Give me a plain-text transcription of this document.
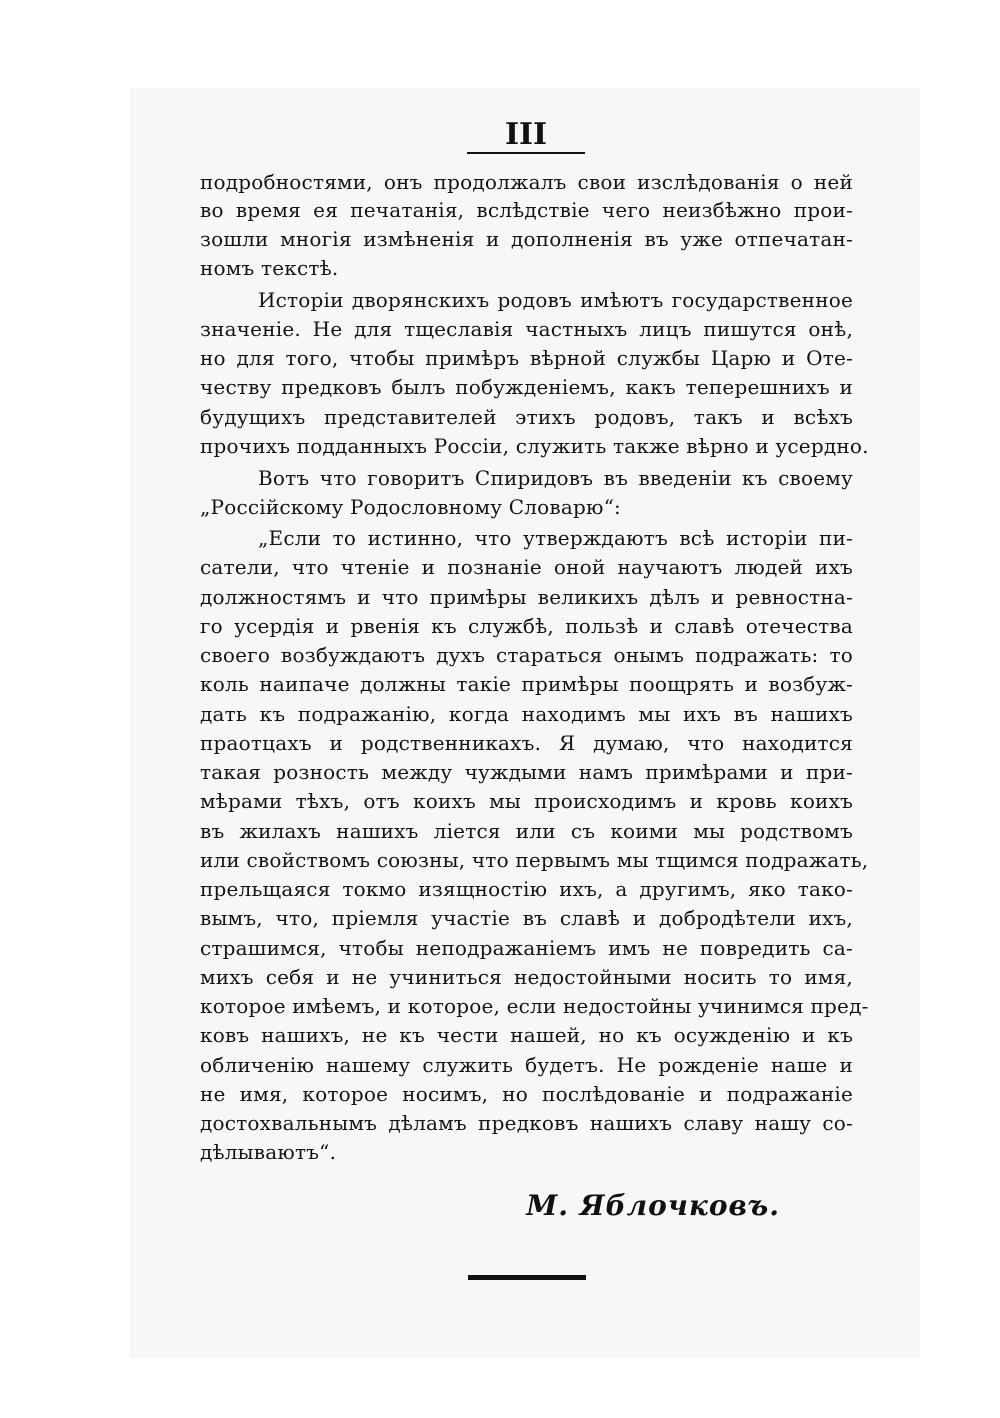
III
подробностями, онъ продолжалъ свои изслѣдованія о ней
во время ея печатанія, вслѣдствіе чего неизбѣжно прои-
зошли многія измѣненія и дополненія въ уже отпечатан-
номъ текстѣ.
Исторіи дворянскихъ родовъ имѣютъ государственное
значеніе. Не для тщеславія частныхъ лицъ пишутся онѣ,
но для того, чтобы примѣръ вѣрной службы Царю и Оте-
честву предковъ былъ побужденіемъ, какъ теперешнихъ и
будущихъ представителей этихъ родовъ, такъ и всѣхъ
прочихъ подданныхъ Россіи, служить также вѣрно и усердно.
Вотъ что говоритъ Спиридовъ въ введеніи къ своему
„Россійскому Родословному Словарю“:
„Если то истинно, что утверждаютъ всѣ исторіи пи-
сатели, что чтеніе и познаніе оной научаютъ людей ихъ
должностямъ и что примѣры великихъ дѣлъ и ревностна-
го усердія и рвенія къ службѣ, пользѣ и славѣ отечества
своего возбуждаютъ духъ стараться онымъ подражать: то
коль наипаче должны такіе примѣры поощрять и возбуж-
дать къ подражанію, когда находимъ мы ихъ въ нашихъ
праотцахъ и родственникахъ. Я думаю, что находится
такая розность между чуждыми намъ примѣрами и при-
мѣрами тѣхъ, отъ коихъ мы происходимъ и кровь коихъ
въ жилахъ нашихъ ліется или съ коими мы родствомъ
или свойствомъ союзны, что первымъ мы тщимся подражать,
прельщаяся токмо изящностію ихъ, а другимъ, яко тако-
вымъ, что, пріемля участіе въ славѣ и добродѣтели ихъ,
страшимся, чтобы неподражаніемъ имъ не повредить са-
михъ себя и не учиниться недостойными носить то имя,
которое имѣемъ, и которое, если недостойны учинимся пред-
ковъ нашихъ, не къ чести нашей, но къ осужденію и къ
обличенію нашему служить будетъ. Не рожденіе наше и
не имя, которое носимъ, но послѣдованіе и подражаніе
достохвальнымъ дѣламъ предковъ нашихъ славу нашу со-
дѣлываютъ“.
М. Яблочковъ.
